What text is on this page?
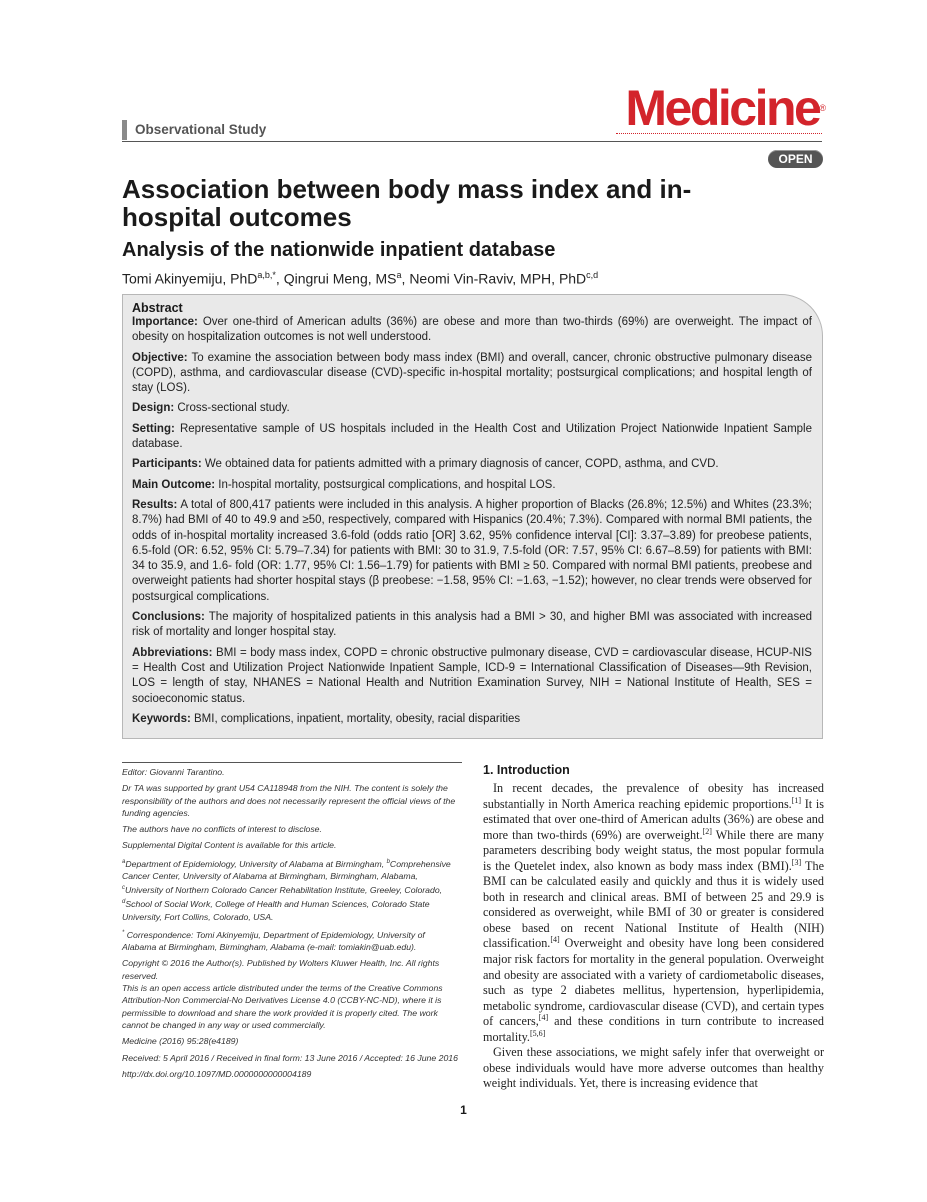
Observational Study	Medicine®
OPEN
Association between body mass index and in-hospital outcomes
Analysis of the nationwide inpatient database
Tomi Akinyemiju, PhD$^{a,b,*}$, Qingrui Meng, $MS^a$, Neomi Vin-Raviv, MPH, PhD$^{c,d}$
Abstract

Importance: Over one-third of American adults (36%) are obese and more than two-thirds (69%) are overweight. The impact of obesity on hospitalization outcomes is not well understood.

Objective: To examine the association between body mass index (BMI) and overall, cancer, chronic obstructive pulmonary disease (COPD), asthma, and cardiovascular disease (CVD)-specific in-hospital mortality; postsurgical complications; and hospital length of stay (LOS).

Design: Cross-sectional study.

Setting: Representative sample of US hospitals included in the Health Cost and Utilization Project Nationwide Inpatient Sample database.

Participants: We obtained data for patients admitted with a primary diagnosis of cancer, COPD, asthma, and CVD.

Main Outcome: In-hospital mortality, postsurgical complications, and hospital LOS.

Results: A total of 800,417 patients were included in this analysis. A higher proportion of Blacks (26.8%; 12.5%) and Whites (23.3%; 8.7%) had BMI of 40 to 49.9 and ≥50, respectively, compared with Hispanics (20.4%; 7.3%). Compared with normal BMI patients, the odds of in-hospital mortality increased 3.6-fold (odds ratio [OR] 3.62, 95% confidence interval [CI]: 3.37–3.89) for preobese patients, 6.5-fold (OR: 6.52, 95% CI: 5.79–7.34) for patients with BMI: 30 to 31.9, 7.5-fold (OR: 7.57, 95% CI: 6.67–8.59) for patients with BMI: 34 to 35.9, and 1.6- fold (OR: 1.77, 95% CI: 1.56–1.79) for patients with BMI ≥ 50. Compared with normal BMI patients, preobese and overweight patients had shorter hospital stays (β preobese: −1.58, 95% CI: −1.63, −1.52); however, no clear trends were observed for postsurgical complications.

Conclusions: The majority of hospitalized patients in this analysis had a BMI > 30, and higher BMI was associated with increased risk of mortality and longer hospital stay.

Abbreviations: BMI = body mass index, COPD = chronic obstructive pulmonary disease, CVD = cardiovascular disease, HCUP-NIS = Health Cost and Utilization Project Nationwide Inpatient Sample, ICD-9 = International Classification of Diseases—9th Revision, LOS = length of stay, NHANES = National Health and Nutrition Examination Survey, NIH = National Institute of Health, SES = socioeconomic status.

Keywords: BMI, complications, inpatient, mortality, obesity, racial disparities

Editor: Giovanni Tarantino.

Dr TA was supported by grant U54 CA118948 from the NIH. The content is solely the responsibility of the authors and does not necessarily represent the official views of the funding agencies.

The authors have no conflicts of interest to disclose.

Supplemental Digital Content is available for this article.

$^a$Department of Epidemiology, University of Alabama at Birmingham, $^b$Comprehensive Cancer Center, University of Alabama at Birmingham, Birmingham, Alabama, $^c$University of Northern Colorado Cancer Rehabilitation Institute, Greeley, Colorado, $^d$School of Social Work, College of Health and Human Sciences, Colorado State University, Fort Collins, Colorado, USA.

* Correspondence: Tomi Akinyemiju, Department of Epidemiology, University of Alabama at Birmingham, Birmingham, Alabama (e-mail: tomiakin@uab.edu).

Copyright © 2016 the Author(s). Published by Wolters Kluwer Health, Inc. All rights reserved.

This is an open access article distributed under the terms of the Creative Commons Attribution-Non Commercial-No Derivatives License 4.0 (CCBY-NC-ND), where it is permissible to download and share the work provided it is properly cited. The work cannot be changed in any way or used commercially.

Medicine (2016) 95:28(e4189)

Received: 5 April 2016 / Received in final form: 13 June 2016 / Accepted: 16 June 2016

http://dx.doi.org/10.1097/MD.0000000000004189

1. Introduction

In recent decades, the prevalence of obesity has increased substantially in North America reaching epidemic proportions.[1] It is estimated that over one-third of American adults (36%) are obese and more than two-thirds (69%) are overweight.[2] While there are many parameters describing body weight status, the most popular formula is the Quetelet index, also known as body mass index (BMI).[3] The BMI can be calculated easily and quickly and thus it is widely used both in research and clinical areas. BMI of between 25 and 29.9 is considered as overweight, while BMI of 30 or greater is considered obese based on recent National Institute of Health (NIH) classification.[4] Overweight and obesity have long been considered major risk factors for mortality in the general population. Overweight and obesity are associated with a variety of cardiometabolic diseases, such as type 2 diabetes mellitus, hypertension, hyperlipidemia, metabolic syndrome, cardiovascular disease (CVD), and certain types of cancers,[4] and these conditions in turn contribute to increased mortality.[5,6]

Given these associations, we might safely infer that overweight or obese individuals would have more adverse outcomes than healthy weight individuals. Yet, there is increasing evidence that

1
